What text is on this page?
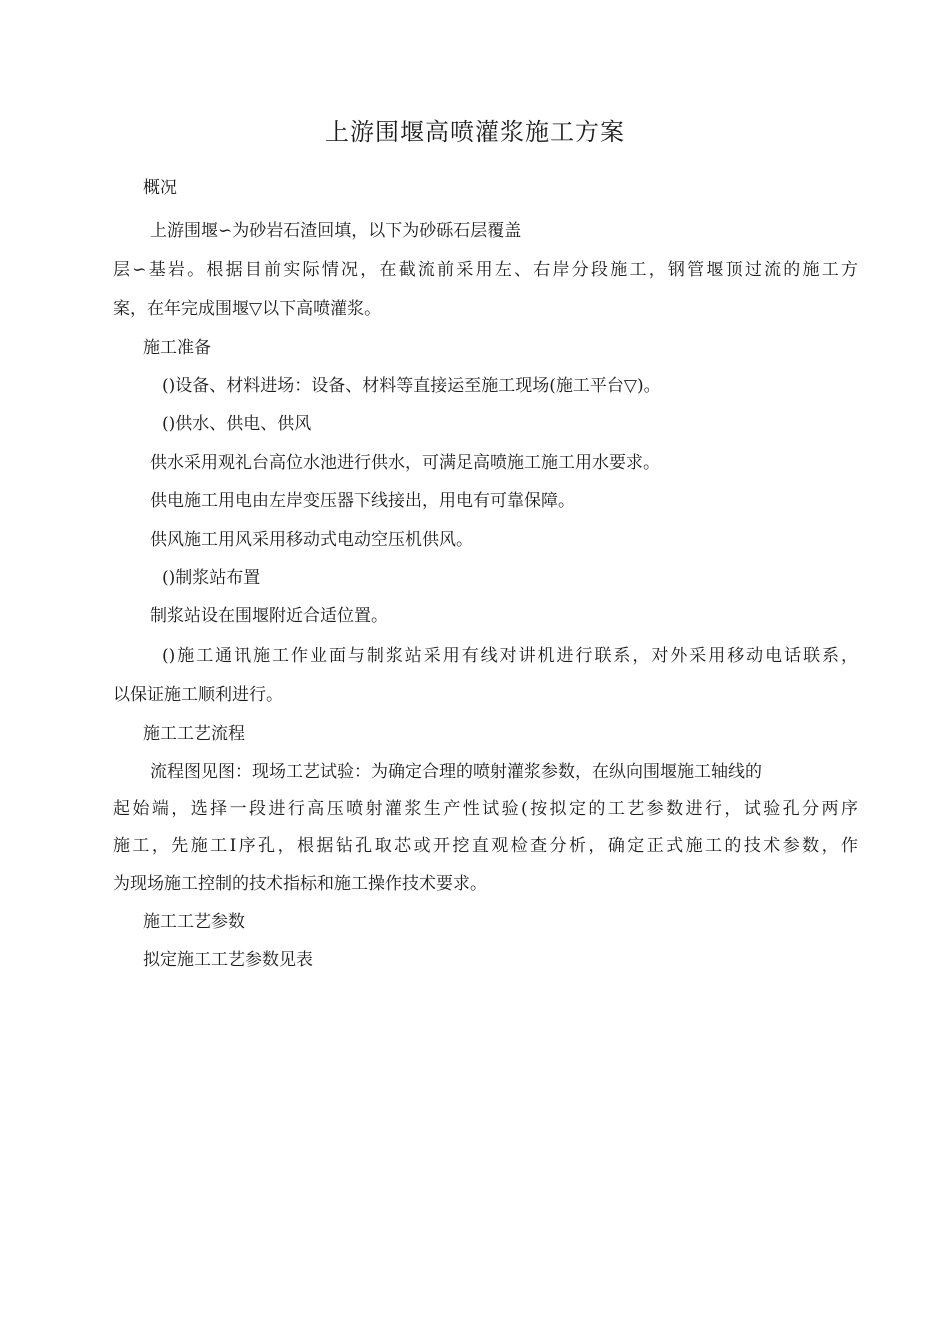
上游围堰高喷灌浆施工方案
概况
上游围堰∽为砂岩石渣回填，以下为砂砾石层覆盖
层∽基岩。根据目前实际情况，在截流前采用左、右岸分段施工，钢管堰顶过流的施工方
案，在年完成围堰▽以下高喷灌浆。
施工准备
()设备、材料进场：设备、材料等直接运至施工现场(施工平台▽)。
()供水、供电、供风
供水采用观礼台高位水池进行供水，可满足高喷施工施工用水要求。
供电施工用电由左岸变压器下线接出，用电有可靠保障。
供风施工用风采用移动式电动空压机供风。
()制浆站布置
制浆站设在围堰附近合适位置。
()施工通讯施工作业面与制浆站采用有线对讲机进行联系，对外采用移动电话联系，
以保证施工顺利进行。
施工工艺流程
流程图见图：现场工艺试验：为确定合理的喷射灌浆参数，在纵向围堰施工轴线的
起始端，选择一段进行高压喷射灌浆生产性试验(按拟定的工艺参数进行，试验孔分两序
施工，先施工Ⅰ序孔，根据钻孔取芯或开挖直观检查分析，确定正式施工的技术参数，作
为现场施工控制的技术指标和施工操作技术要求。
施工工艺参数
拟定施工工艺参数见表
